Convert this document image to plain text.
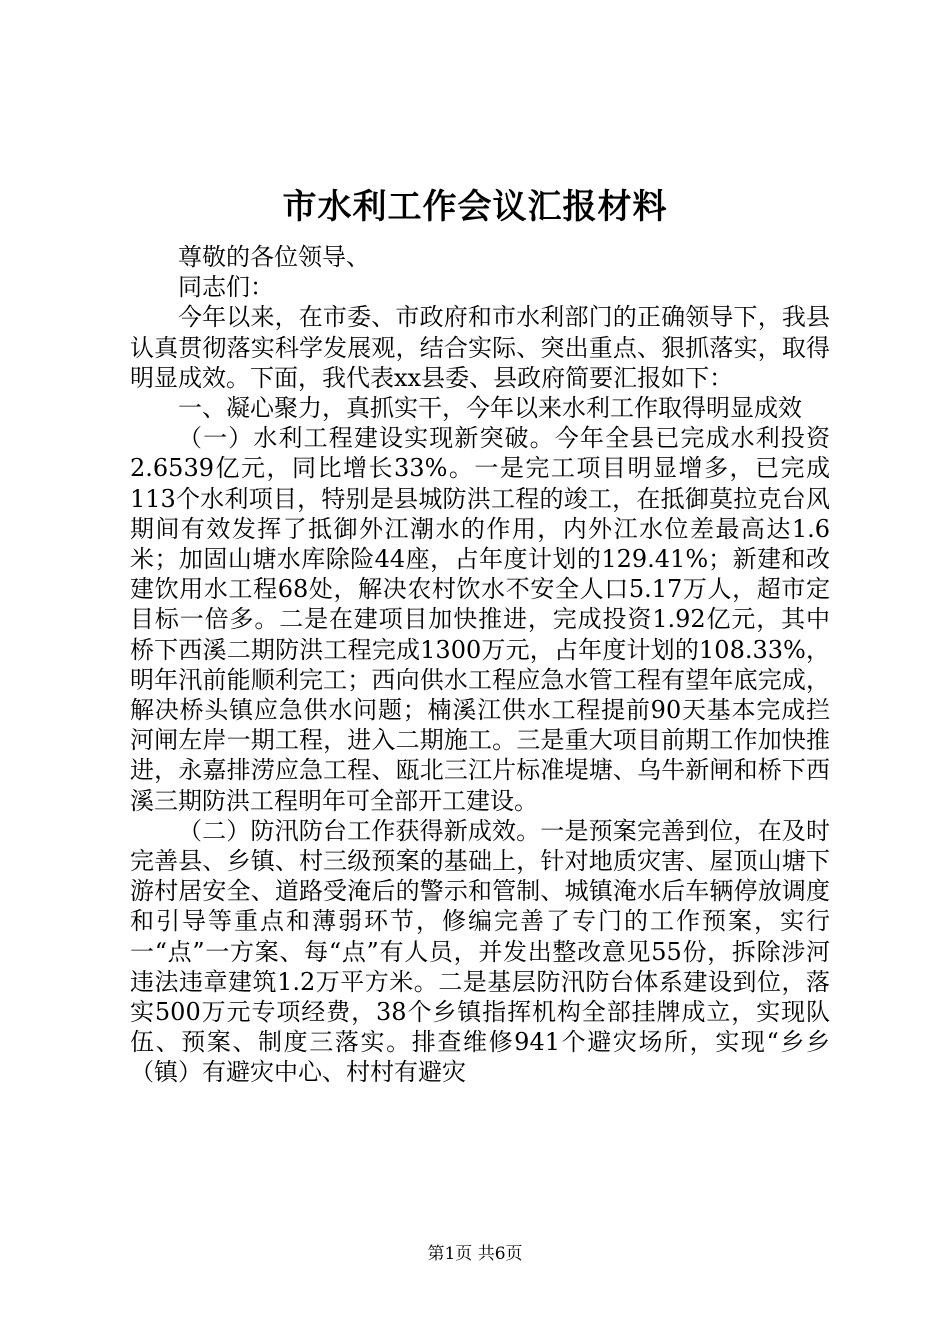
市水利工作会议汇报材料

尊敬的各位领导、

同志们：

今年以来，在市委、市政府和市水利部门的正确领导下，我县认真贯彻落实科学发展观，结合实际、突出重点、狠抓落实，取得明显成效。下面，我代表xx县委、县政府简要汇报如下：

一、凝心聚力，真抓实干，今年以来水利工作取得明显成效

（一）水利工程建设实现新突破。今年全县已完成水利投资2.6539亿元，同比增长33%。一是完工项目明显增多，已完成113个水利项目，特别是县城防洪工程的竣工，在抵御莫拉克台风期间有效发挥了抵御外江潮水的作用，内外江水位差最高达1.6米；加固山塘水库除险44座，占年度计划的129.41%；新建和改建饮用水工程68处，解决农村饮水不安全人口5.17万人，超市定目标一倍多。二是在建项目加快推进，完成投资1.92亿元，其中桥下西溪二期防洪工程完成1300万元，占年度计划的108.33%，明年汛前能顺利完工；西向供水工程应急水管工程有望年底完成，解决桥头镇应急供水问题；楠溪江供水工程提前90天基本完成拦河闸左岸一期工程，进入二期施工。三是重大项目前期工作加快推进，永嘉排涝应急工程、瓯北三江片标准堤塘、乌牛新闸和桥下西溪三期防洪工程明年可全部开工建设。

（二）防汛防台工作获得新成效。一是预案完善到位，在及时完善县、乡镇、村三级预案的基础上，针对地质灾害、屋顶山塘下游村居安全、道路受淹后的警示和管制、城镇淹水后车辆停放调度和引导等重点和薄弱环节，修编完善了专门的工作预案，实行一“点”一方案、每“点”有人员，并发出整改意见55份，拆除涉河违法违章建筑1.2万平方米。二是基层防汛防台体系建设到位，落实500万元专项经费，38个乡镇指挥机构全部挂牌成立，实现队伍、预案、制度三落实。排查维修941个避灾场所，实现“乡乡（镇）有避灾中心、村村有避灾

第1页 共6页
